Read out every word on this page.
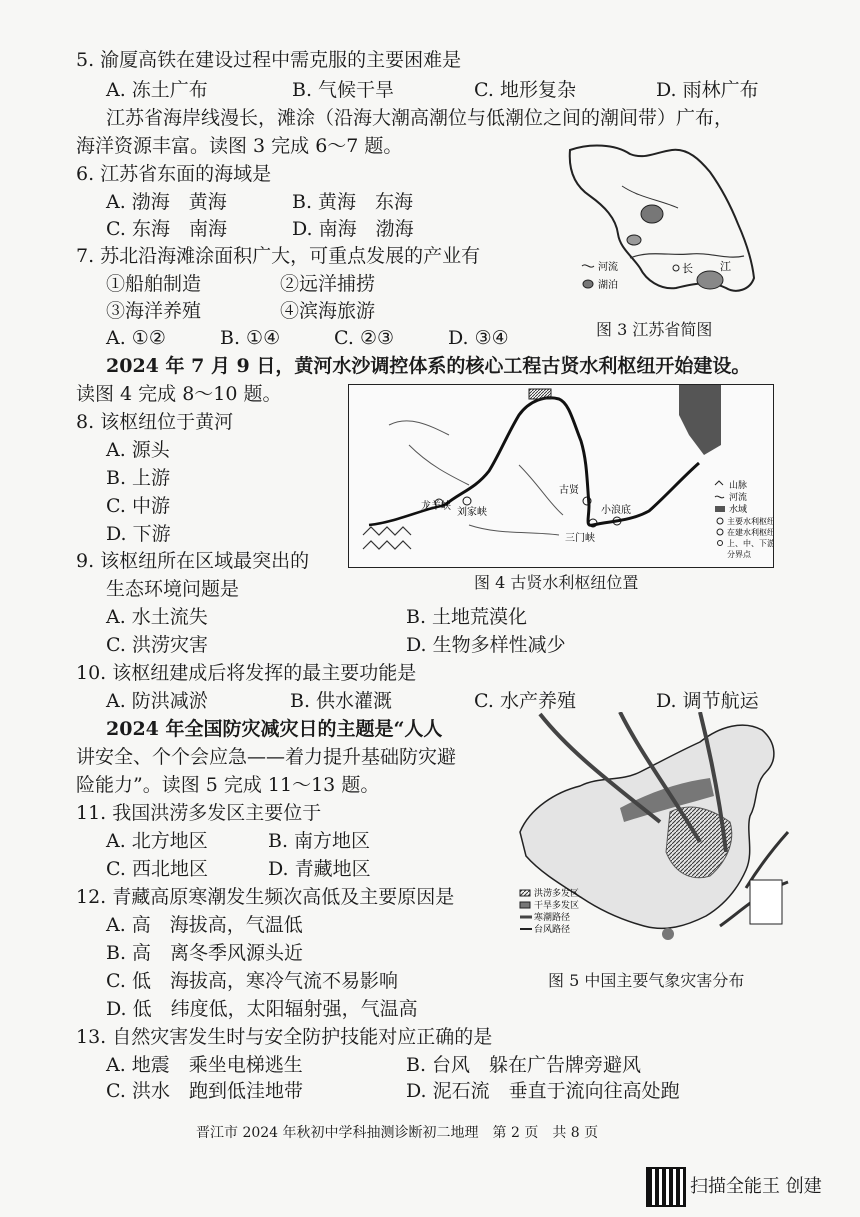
5. 渝厦高铁在建设过程中需克服的主要困难是
A. 冻土广布	B. 气候干旱	C. 地形复杂	D. 雨林广布
江苏省海岸线漫长，滩涂（沿海大潮高潮位与低潮位之间的潮间带）广布，
海洋资源丰富。读图 3 完成 6～7 题。
6. 江苏省东面的海域是
A. 渤海　黄海	B. 黄海　东海
C. 东海　南海	D. 南海　渤海
7. 苏北沿海滩涂面积广大，可重点发展的产业有
①船舶制造	②远洋捕捞
③海洋养殖	④滨海旅游
A. ①②	B. ①④	C. ②③	D. ③④
长 江
河流
湖泊
图 3 江苏省简图
2024 年 7 月 9 日，黄河水沙调控体系的核心工程古贤水利枢纽开始建设。
读图 4 完成 8～10 题。
8. 该枢纽位于黄河
A. 源头
B. 上游
C. 中游
D. 下游
龙羊峡
刘家峡
古贤
三门峡
小浪底
山脉
河流
水域
主要水利枢纽
在建水利枢纽
上、中、下游
分界点
图 4 古贤水利枢纽位置
9. 该枢纽所在区域最突出的
生态环境问题是
A. 水土流失	B. 土地荒漠化
C. 洪涝灾害	D. 生物多样性减少
10. 该枢纽建成后将发挥的最主要功能是
A. 防洪减淤	B. 供水灌溉	C. 水产养殖	D. 调节航运
2024 年全国防灾减灾日的主题是“人人
讲安全、个个会应急——着力提升基础防灾避
险能力”。读图 5 完成 11～13 题。
11. 我国洪涝多发区主要位于
A. 北方地区	B. 南方地区
C. 西北地区	D. 青藏地区
12. 青藏高原寒潮发生频次高低及主要原因是
A. 高　海拔高，气温低
B. 高　离冬季风源头近
C. 低　海拔高，寒冷气流不易影响
D. 低　纬度低，太阳辐射强，气温高
洪涝多发区
干旱多发区
寒潮路径
台风路径
图 5 中国主要气象灾害分布
13. 自然灾害发生时与安全防护技能对应正确的是
A. 地震　乘坐电梯逃生	B. 台风　躲在广告牌旁避风
C. 洪水　跑到低洼地带	D. 泥石流　垂直于流向往高处跑
晋江市 2024 年秋初中学科抽测诊断初二地理　第 2 页　共 8 页
扫描全能王 创建
